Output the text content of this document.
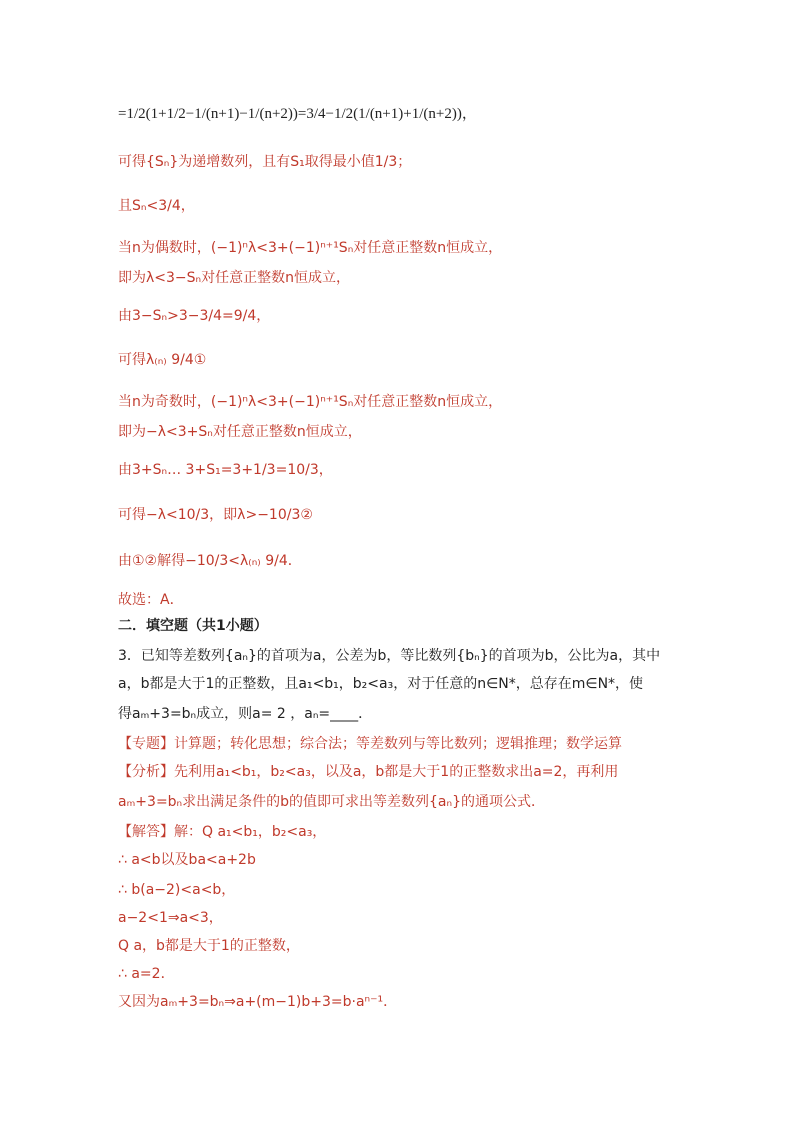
=1/2(1+1/2−1/(n+1)−1/(n+2))=3/4−1/2(1/(n+1)+1/(n+2))，
可得{Sₙ}为递增数列，且有S₁取得最小值1/3；
且Sₙ<3/4，
当n为偶数时，(−1)ⁿλ<3+(−1)ⁿ⁺¹Sₙ对任意正整数n恒成立，
即为λ<3−Sₙ对任意正整数n恒成立，
由3−Sₙ>3−3/4=9/4，
可得λ₍ₙ₎ 9/4①
当n为奇数时，(−1)ⁿλ<3+(−1)ⁿ⁺¹Sₙ对任意正整数n恒成立，
即为−λ<3+Sₙ对任意正整数n恒成立，
由3+Sₙ… 3+S₁=3+1/3=10/3，
可得−λ<10/3，即λ>−10/3②
由①②解得−10/3<λ₍ₙ₎ 9/4．
故选：A．
二．填空题（共1小题）
3．已知等差数列{aₙ}的首项为a，公差为b，等比数列{bₙ}的首项为b，公比为a，其中
a，b都是大于1的正整数，且a₁<b₁，b₂<a₃，对于任意的n∈N*，总存在m∈N*，使
得aₘ+3=bₙ成立，则a= 2 ，aₙ=____．
【专题】计算题；转化思想；综合法；等差数列与等比数列；逻辑推理；数学运算
【分析】先利用a₁<b₁，b₂<a₃，以及a，b都是大于1的正整数求出a=2，再利用
aₘ+3=bₙ求出满足条件的b的值即可求出等差数列{aₙ}的通项公式．
【解答】解：Q a₁<b₁，b₂<a₃，
∴ a<b以及ba<a+2b
∴ b(a−2)<a<b，
a−2<1⇒a<3，
Q a，b都是大于1的正整数，
∴ a=2．
又因为aₘ+3=bₙ⇒a+(m−1)b+3=b·aⁿ⁻¹．
